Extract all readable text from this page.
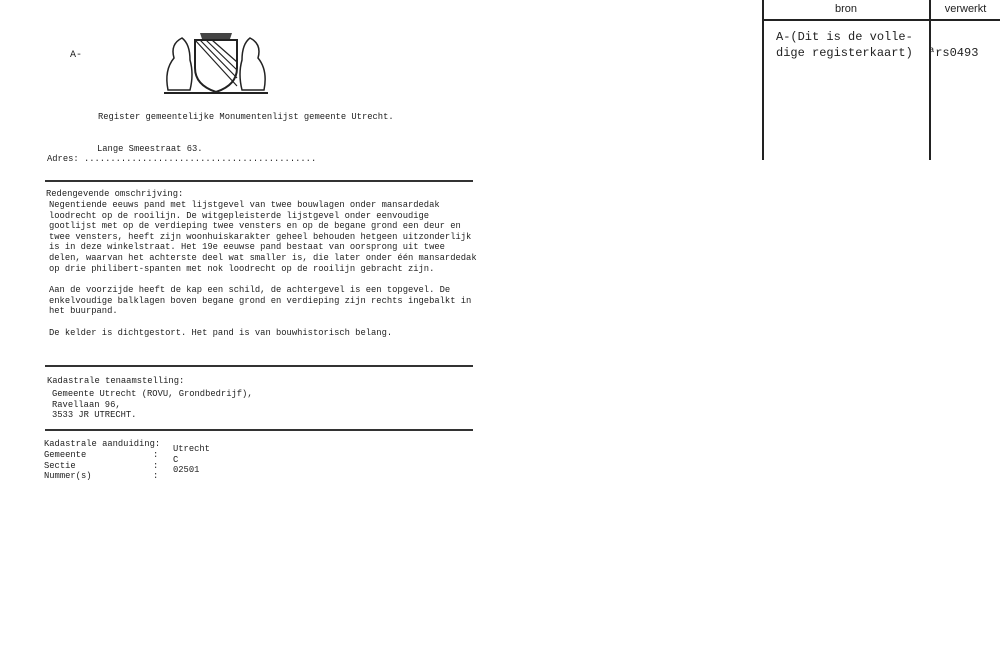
A-
Register gemeentelijke Monumentenlijst gemeente Utrecht.
Lange Smeestraat 63.
Adres: ............................................
Redengevende omschrijving:
Negentiende eeuws pand met lijstgevel van twee bouwlagen onder mansardedak
loodrecht op de rooilijn. De witgepleisterde lijstgevel onder eenvoudige
gootlijst met op de verdieping twee vensters en op de begane grond een deur en
twee vensters, heeft zijn woonhuiskarakter geheel behouden hetgeen uitzonderlijk
is in deze winkelstraat. Het 19e eeuwse pand bestaat van oorsprong uit twee
delen, waarvan het achterste deel wat smaller is, die later onder één mansardedak
op drie philibert-spanten met nok loodrecht op de rooilijn gebracht zijn.
Aan de voorzijde heeft de kap een schild, de achtergevel is een topgevel. De
enkelvoudige balklagen boven begane grond en verdieping zijn rechts ingebalkt in
het buurpand.
De kelder is dichtgestort. Het pand is van bouwhistorisch belang.
Kadastrale tenaamstelling:
Gemeente Utrecht (ROVU, Grondbedrijf),
Ravellaan 96,
3533 JR UTRECHT.
Kadastrale aanduiding:
Gemeente
Sectie
Nummer(s)
:
:
:
Utrecht
C
02501
bron	verwerkt
A-(Dit is de volle-
dige registerkaart) ªrs0493
